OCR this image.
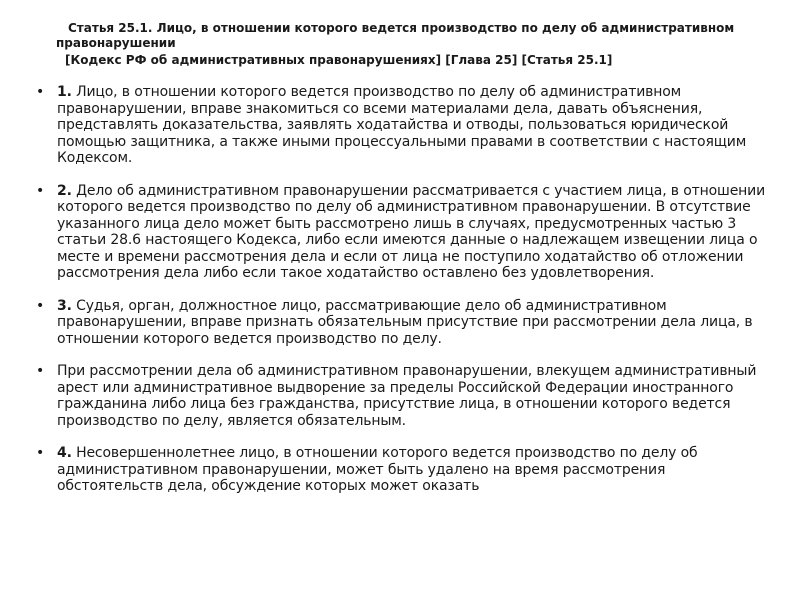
Статья 25.1. Лицо, в отношении которого ведется производство по делу об административном правонарушении
[Кодекс РФ об административных правонарушениях] [Глава 25] [Статья 25.1]
• 1. Лицо, в отношении которого ведется производство по делу об административном правонарушении, вправе знакомиться со всеми материалами дела, давать объяснения, представлять доказательства, заявлять ходатайства и отводы, пользоваться юридической помощью защитника, а также иными процессуальными правами в соответствии с настоящим Кодексом.
• 2. Дело об административном правонарушении рассматривается с участием лица, в отношении которого ведется производство по делу об административном правонарушении. В отсутствие указанного лица дело может быть рассмотрено лишь в случаях, предусмотренных частью 3 статьи 28.6 настоящего Кодекса, либо если имеются данные о надлежащем извещении лица о месте и времени рассмотрения дела и если от лица не поступило ходатайство об отложении рассмотрения дела либо если такое ходатайство оставлено без удовлетворения.
• 3. Судья, орган, должностное лицо, рассматривающие дело об административном правонарушении, вправе признать обязательным присутствие при рассмотрении дела лица, в отношении которого ведется производство по делу.
• При рассмотрении дела об административном правонарушении, влекущем административный арест или административное выдворение за пределы Российской Федерации иностранного гражданина либо лица без гражданства, присутствие лица, в отношении которого ведется производство по делу, является обязательным.
• 4. Несовершеннолетнее лицо, в отношении которого ведется производство по делу об административном правонарушении, может быть удалено на время рассмотрения обстоятельств дела, обсуждение которых может оказать
